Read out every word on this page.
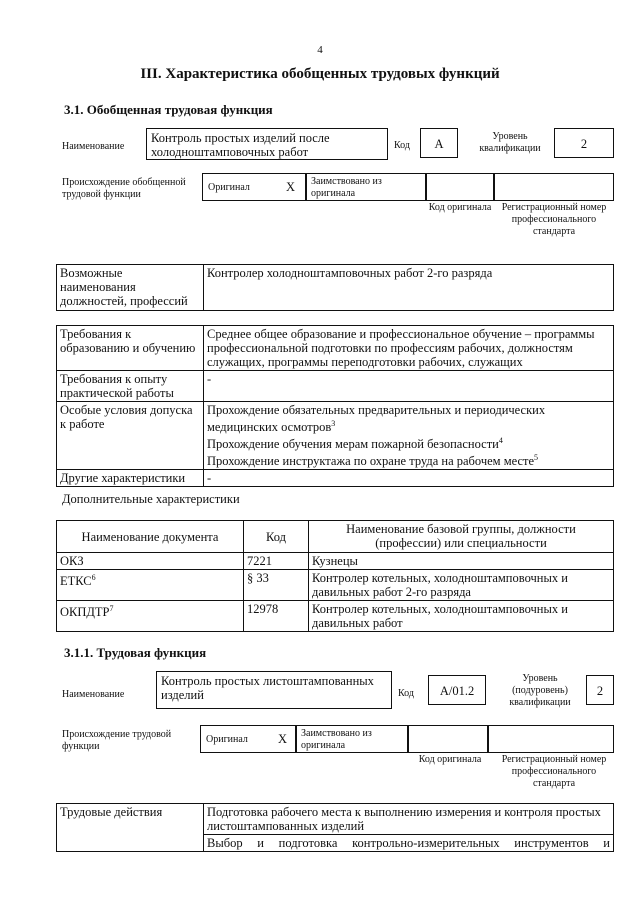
4
III. Характеристика обобщенных трудовых функций
3.1. Обобщенная трудовая функция
Наименование
Контроль простых изделий после холодноштамповочных работ	Код	A
Уровень квалификации	2
Происхождение обобщенной трудовой функции
Оригинал	X	Заимствовано из оригинала
Код оригинала	Регистрационный номер профессионального стандарта
Возможные наименования должностей, профессий	Контролер холодноштамповочных работ 2-го разряда
Требования к образованию и обучению	Среднее общее образование и профессиональное обучение – программы профессиональной подготовки по профессиям рабочих, должностям служащих, программы переподготовки рабочих, служащих
Требования к опыту практической работы	-
Особые условия допуска к работе	Прохождение обязательных предварительных и периодических медицинских осмотров$^3$
Прохождение обучения мерам пожарной безопасности$^4$
Прохождение инструктажа по охране труда на рабочем месте$^5$

Другие характеристики	-
Дополнительные характеристики
Наименование документа	Код	Наименование базовой группы, должности (профессии) или специальности
ОКЗ	7221	Кузнецы
ЕТКС$^6$	§ 33	Контролер котельных, холодноштамповочных и давильных работ 2-го разряда
ОКПДТР$^7$	12978	Контролер котельных, холодноштамповочных и давильных работ
3.1.1. Трудовая функция
Наименование
Контроль простых листоштампованных изделий	Код	A/01.2
Уровень (подуровень) квалификации
2
Происхождение трудовой функции
Оригинал X	Заимствовано из оригинала
Код оригинала	Регистрационный номер профессионального стандарта
Трудовые действия	Подготовка рабочего места к выполнению измерения и контроля простых листоштампованных изделий
Выбор и подготовка контрольно-измерительных инструментов и
